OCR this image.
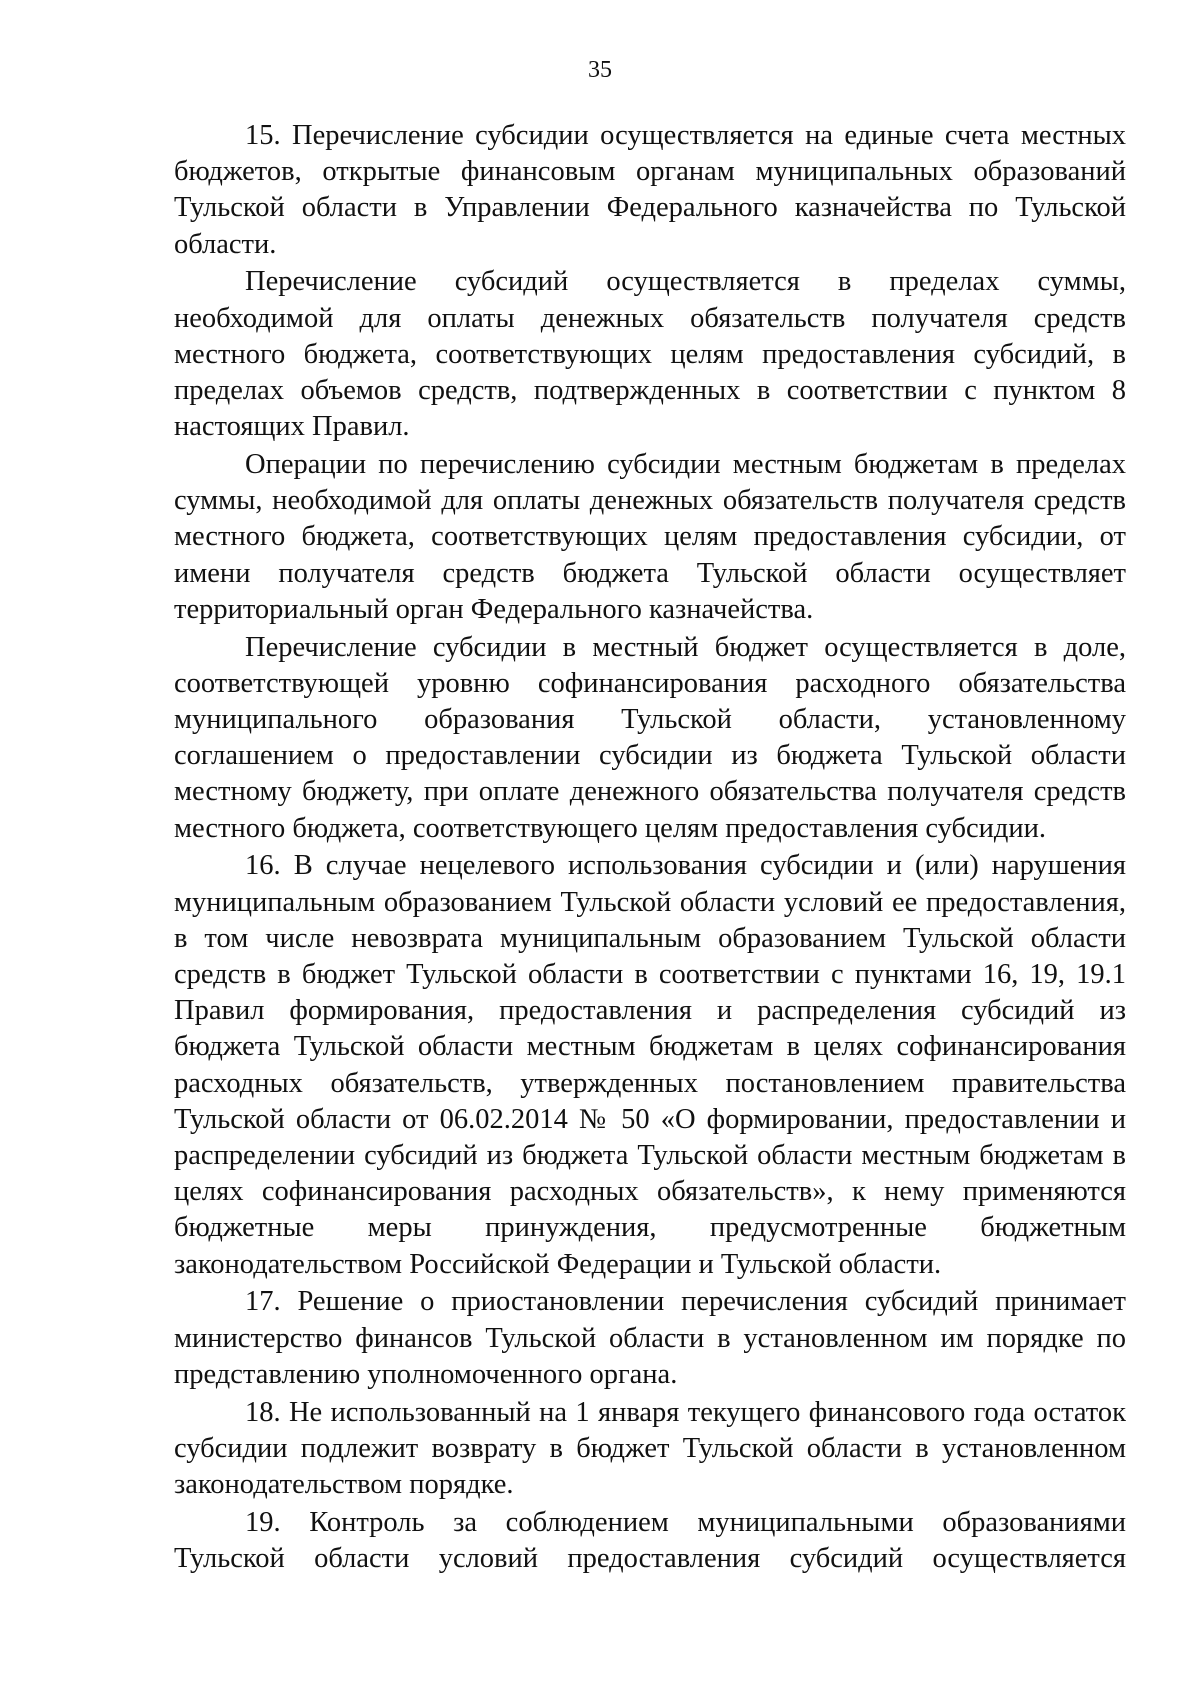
35

15. Перечисление субсидии осуществляется на единые счета местных бюджетов, открытые финансовым органам муниципальных образований Тульской области в Управлении Федерального казначейства по Тульской области.

Перечисление субсидий осуществляется в пределах суммы, необходимой для оплаты денежных обязательств получателя средств местного бюджета, соответствующих целям предоставления субсидий, в пределах объемов средств, подтвержденных в соответствии с пунктом 8 настоящих Правил.

Операции по перечислению субсидии местным бюджетам в пределах суммы, необходимой для оплаты денежных обязательств получателя средств местного бюджета, соответствующих целям предоставления субсидии, от имени получателя средств бюджета Тульской области осуществляет территориальный орган Федерального казначейства.

Перечисление субсидии в местный бюджет осуществляется в доле, соответствующей уровню софинансирования расходного обязательства муниципального образования Тульской области, установленному соглашением о предоставлении субсидии из бюджета Тульской области местному бюджету, при оплате денежного обязательства получателя средств местного бюджета, соответствующего целям предоставления субсидии.

16. В случае нецелевого использования субсидии и (или) нарушения муниципальным образованием Тульской области условий ее предоставления, в том числе невозврата муниципальным образованием Тульской области средств в бюджет Тульской области в соответствии с пунктами 16, 19, 19.1 Правил формирования, предоставления и распределения субсидий из бюджета Тульской области местным бюджетам в целях софинансирования расходных обязательств, утвержденных постановлением правительства Тульской области от 06.02.2014 № 50 «О формировании, предоставлении и распределении субсидий из бюджета Тульской области местным бюджетам в целях софинансирования расходных обязательств», к нему применяются бюджетные меры принуждения, предусмотренные бюджетным законодательством Российской Федерации и Тульской области.

17. Решение о приостановлении перечисления субсидий принимает министерство финансов Тульской области в установленном им порядке по представлению уполномоченного органа.

18. Не использованный на 1 января текущего финансового года остаток субсидии подлежит возврату в бюджет Тульской области в установленном законодательством порядке.

19. Контроль за соблюдением муниципальными образованиями Тульской области условий предоставления субсидий осуществляется
